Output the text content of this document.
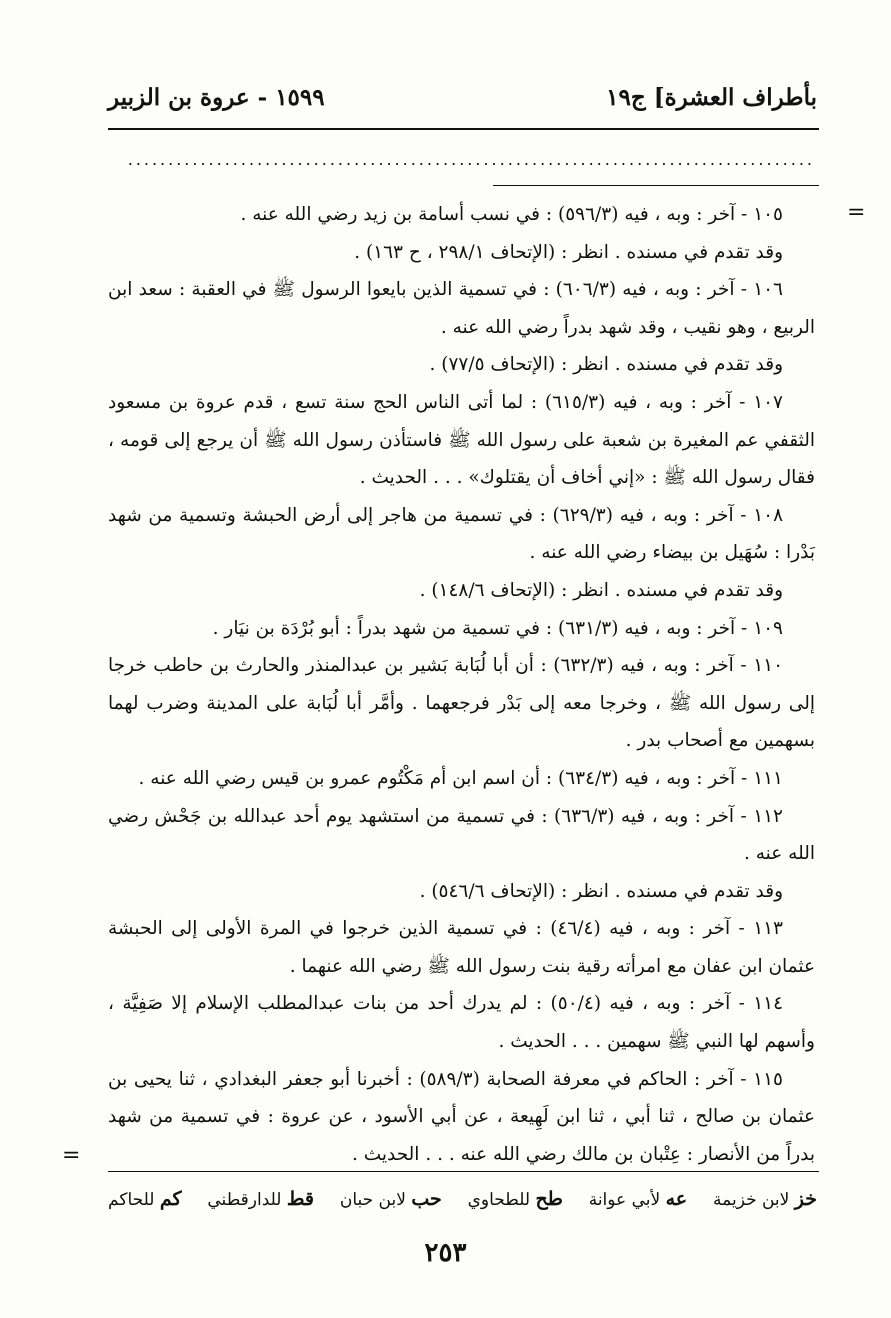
بأطراف العشرة] ج١٩
١٥٩٩ - عروة بن الزبير
.....................................................................................
=
=

١٠٥ - آخر : وبه ، فيه (٥٩٦/٣) : في نسب أسامة بن زيد رضي الله عنه .

وقد تقدم في مسنده . انظر : (الإتحاف ٢٩٨/١ ، ح ١٦٣) .

١٠٦ - آخر : وبه ، فيه (٦٠٦/٣) : في تسمية الذين بايعوا الرسول ﷺ في العقبة : سعد ابن الربيع ، وهو نقيب ، وقد شهد بدراً رضي الله عنه .

وقد تقدم في مسنده . انظر : (الإتحاف ٧٧/٥) .

١٠٧ - آخر : وبه ، فيه (٦١٥/٣) : لما أتى الناس الحج سنة تسع ، قدم عروة بن مسعود الثقفي عم المغيرة بن شعبة على رسول الله ﷺ فاستأذن رسول الله ﷺ أن يرجع إلى قومه ، فقال رسول الله ﷺ : «إني أخاف أن يقتلوك» . . . الحديث .

١٠٨ - آخر : وبه ، فيه (٦٢٩/٣) : في تسمية من هاجر إلى أرض الحبشة وتسمية من شهد بَدْرا : سُهَيل بن بيضاء رضي الله عنه .

وقد تقدم في مسنده . انظر : (الإتحاف ١٤٨/٦) .

١٠٩ - آخر : وبه ، فيه (٦٣١/٣) : في تسمية من شهد بدراً : أبو بُرْدَة بن نيَار .

١١٠ - آخر : وبه ، فيه (٦٣٢/٣) : أن أبا لُبَابة بَشير بن عبدالمنذر والحارث بن حاطب خرجا إلى رسول الله ﷺ ، وخرجا معه إلى بَدْر فرجعهما . وأمَّر أبا لُبَابة على المدينة وضرب لهما بسهمين مع أصحاب بدر .

١١١ - آخر : وبه ، فيه (٦٣٤/٣) : أن اسم ابن أم مَكْتُوم عمرو بن قيس رضي الله عنه .

١١٢ - آخر : وبه ، فيه (٦٣٦/٣) : في تسمية من استشهد يوم أحد عبدالله بن جَحْش رضي الله عنه .

وقد تقدم في مسنده . انظر : (الإتحاف ٥٤٦/٦) .

١١٣ - آخر : وبه ، فيه (٤٦/٤) : في تسمية الذين خرجوا في المرة الأولى إلى الحبشة عثمان ابن عفان مع امرأته رقية بنت رسول الله ﷺ رضي الله عنهما .

١١٤ - آخر : وبه ، فيه (٥٠/٤) : لم يدرك أحد من بنات عبدالمطلب الإسلام إلا صَفِيَّة ، وأسهم لها النبي ﷺ سهمين . . . الحديث .

١١٥ - آخر : الحاكم في معرفة الصحابة (٥٨٩/٣) : أخبرنا أبو جعفر البغدادي ، ثنا يحيى بن عثمان بن صالح ، ثنا أبي ، ثنا ابن لَهِيعة ، عن أبي الأسود ، عن عروة : في تسمية من شهد بدراً من الأنصار : عِتْبان بن مالك رضي الله عنه . . . الحديث .

خز لابن خزيمة
عه لأبي عوانة
طح للطحاوي
حب لابن حبان
قط للدارقطني
كم للحاكم
٢٥٣
